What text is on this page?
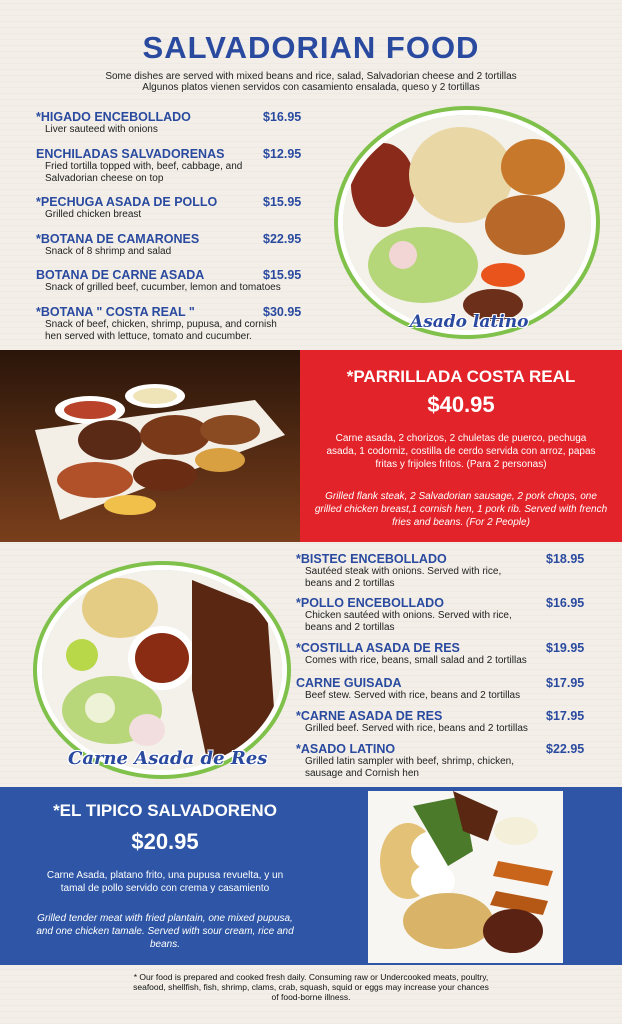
SALVADORIAN FOOD
Some dishes are served with mixed beans and rice, salad, Salvadorian cheese and 2 tortillas
Algunos platos vienen servidos con casamiento ensalada, queso y 2 tortillas
*HIGADO ENCEBOLLADO	$16.95
Liver sauteed with onions
ENCHILADAS SALVADORENAS	$12.95
Fried tortilla topped with, beef, cabbage, and Salvadorian cheese on top
*PECHUGA ASADA DE POLLO	$15.95
Grilled chicken breast
*BOTANA DE CAMARONES	$22.95
Snack of 8 shrimp and salad
BOTANA DE CARNE ASADA	$15.95
Snack of grilled beef, cucumber, lemon and tomatoes
*BOTANA " COSTA REAL "	$30.95
Snack of beef, chicken, shrimp, pupusa, and cornish hen served with lettuce, tomato and cucumber.
Asado latino
*PARRILLADA COSTA REAL
$40.95
Carne asada, 2 chorizos, 2 chuletas de puerco, pechuga asada, 1 codorniz, costilla de cerdo servida con arroz, papas fritas y frijoles fritos. (Para 2 personas)
Grilled flank steak, 2 Salvadorian sausage, 2 pork chops, one grilled chicken breast,1 cornish hen, 1 pork rib. Served with french fries and beans. (For 2 People)
*BISTEC ENCEBOLLADO	$18.95
Sautéed steak with onions. Served with rice, beans and 2 tortillas
*POLLO ENCEBOLLADO	$16.95
Chicken sautéed with onions. Served with rice, beans and 2 tortillas
*COSTILLA ASADA DE RES	$19.95
Comes with rice, beans, small salad and 2 tortillas
CARNE GUISADA	$17.95
Beef stew. Served with rice, beans and 2 tortillas
*CARNE ASADA DE RES	$17.95
Grilled beef. Served with rice, beans and 2 tortillas
*ASADO LATINO	$22.95
Grilled latin sampler with beef, shrimp, chicken, sausage and Cornish hen
Carne Asada de Res
*EL TIPICO SALVADORENO
$20.95
Carne Asada, platano frito, una pupusa revuelta, y un tamal de pollo servido con crema y casamiento
Grilled tender meat with fried plantain, one mixed pupusa, and one chicken tamale. Served with sour cream, rice and beans.
* Our food is prepared and cooked fresh daily. Consuming raw or Undercooked meats, poultry, seafood, shellfish, fish, shrimp, clams, crab, squash, squid or eggs may increase your chances of food-borne illness.
